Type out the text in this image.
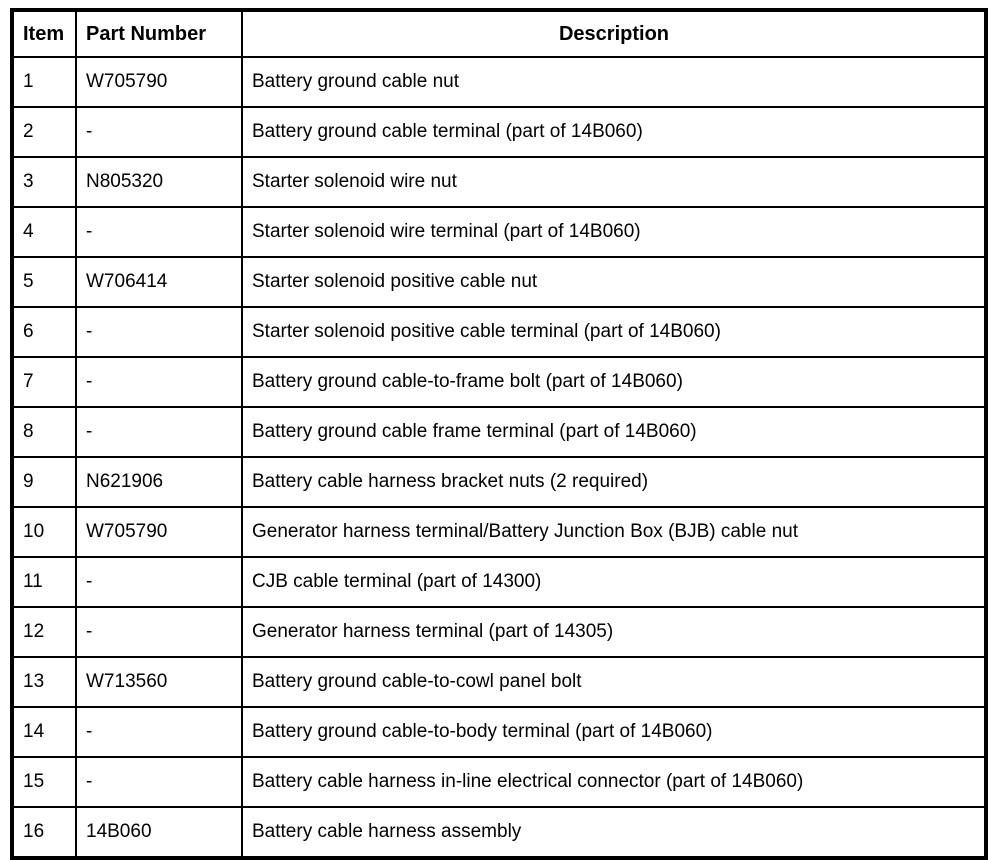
Item	Part Number	Description
1	W705790	Battery ground cable nut
2	-	Battery ground cable terminal (part of 14B060)
3	N805320	Starter solenoid wire nut
4	-	Starter solenoid wire terminal (part of 14B060)
5	W706414	Starter solenoid positive cable nut
6	-	Starter solenoid positive cable terminal (part of 14B060)
7	-	Battery ground cable-to-frame bolt (part of 14B060)
8	-	Battery ground cable frame terminal (part of 14B060)
9	N621906	Battery cable harness bracket nuts (2 required)
10	W705790	Generator harness terminal/Battery Junction Box (BJB) cable nut
11	-	CJB cable terminal (part of 14300)
12	-	Generator harness terminal (part of 14305)
13	W713560	Battery ground cable-to-cowl panel bolt
14	-	Battery ground cable-to-body terminal (part of 14B060)
15	-	Battery cable harness in-line electrical connector (part of 14B060)
16	14B060	Battery cable harness assembly
